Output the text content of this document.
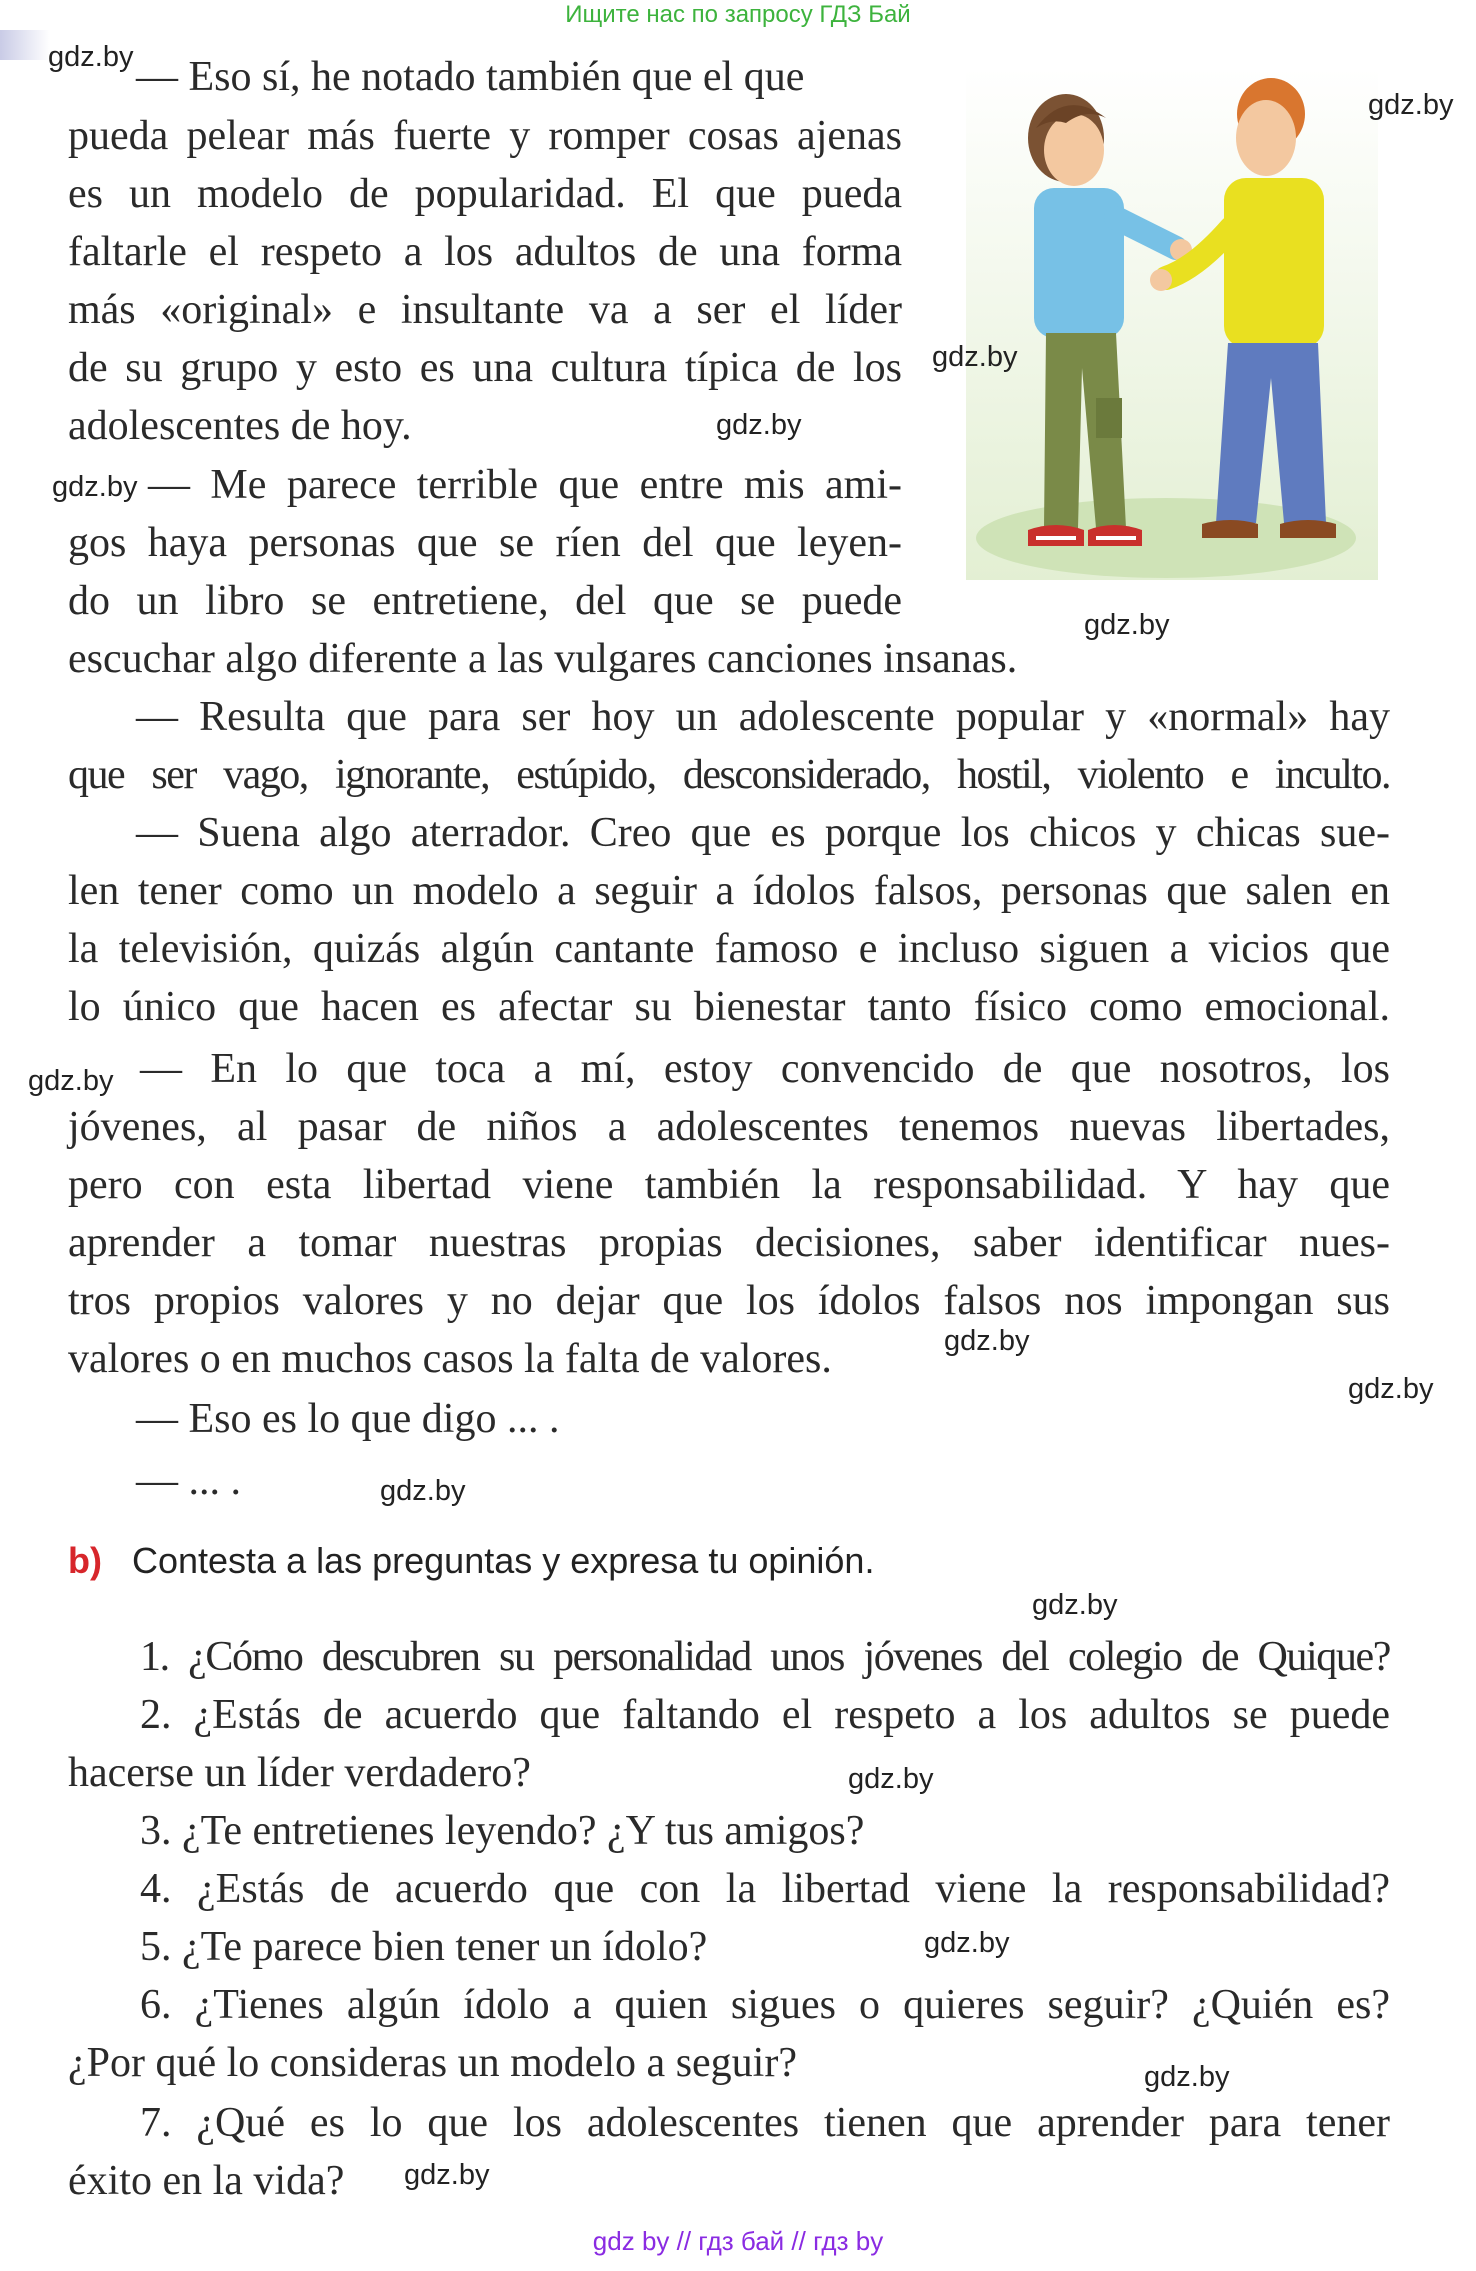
Ищите нас по запросу ГДЗ Бай
— Eso sí, he notado también que el que
pueda pelear más fuerte y romper cosas ajenas
es un modelo de popularidad. El que pueda
faltarle el respeto a los adultos de una forma
más «original» e insultante va a ser el líder
de su grupo y esto es una cultura típica de los
adolescentes de hoy.
— Me parece terrible que entre mis ami-
gos haya personas que se ríen del que leyen-
do un libro se entretiene, del que se puede
escuchar algo diferente a las vulgares canciones insanas.
— Resulta que para ser hoy un adolescente popular y «normal» hay
que ser vago, ignorante, estúpido, desconsiderado, hostil, violento e inculto.
— Suena algo aterrador. Creo que es porque los chicos y chicas sue-
len tener como un modelo a seguir a ídolos falsos, personas que salen en
la televisión, quizás algún cantante famoso e incluso siguen a vicios que
lo único que hacen es afectar su bienestar tanto físico como emocional.
— En lo que toca a mí, estoy convencido de que nosotros, los
jóvenes, al pasar de niños a adolescentes tenemos nuevas libertades,
pero con esta libertad viene también la responsabilidad. Y hay que
aprender a tomar nuestras propias decisiones, saber identificar nues-
tros propios valores y no dejar que los ídolos falsos nos impongan sus
valores o en muchos casos la falta de valores.
— Eso es lo que digo ... .
— ... .
b) Contesta a las preguntas y expresa tu opinión.
1. ¿Cómo descubren su personalidad unos jóvenes del colegio de Quique?
2. ¿Estás de acuerdo que faltando el respeto a los adultos se puede
hacerse un líder verdadero?
3. ¿Te entretienes leyendo? ¿Y tus amigos?
4. ¿Estás de acuerdo que con la libertad viene la responsabilidad?
5. ¿Te parece bien tener un ídolo?
6. ¿Tienes algún ídolo a quien sigues o quieres seguir? ¿Quién es?
¿Por qué lo consideras un modelo a seguir?
7. ¿Qué es lo que los adolescentes tienen que aprender para tener
éxito en la vida?
gdz.by
gdz.by
gdz.by
gdz.by
gdz.by
gdz.by
gdz.by
gdz.by
gdz.by
gdz.by
gdz.by
gdz.by
gdz.by
gdz.by
gdz.by
gdz by // гдз бай // гдз by
